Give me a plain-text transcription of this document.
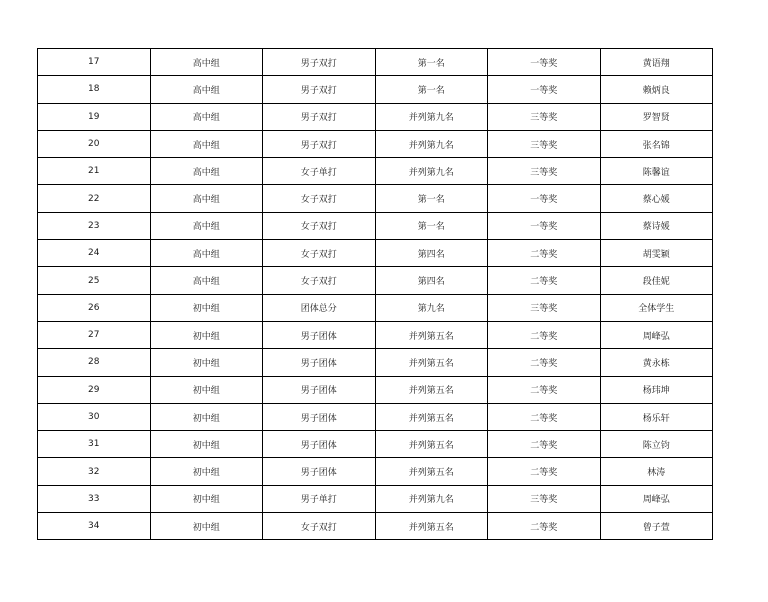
17	高中组	男子双打	第一名	一等奖	黄语翔
18	高中组	男子双打	第一名	一等奖	赖炳良
19	高中组	男子双打	并列第九名	三等奖	罗智贤
20	高中组	男子双打	并列第九名	三等奖	张名锦
21	高中组	女子单打	并列第九名	三等奖	陈馨谊
22	高中组	女子双打	第一名	一等奖	蔡心媛
23	高中组	女子双打	第一名	一等奖	蔡诗媛
24	高中组	女子双打	第四名	二等奖	胡雯颖
25	高中组	女子双打	第四名	二等奖	段佳妮
26	初中组	团体总分	第九名	三等奖	全体学生
27	初中组	男子团体	并列第五名	二等奖	周峰弘
28	初中组	男子团体	并列第五名	二等奖	黄永栋
29	初中组	男子团体	并列第五名	二等奖	杨玮坤
30	初中组	男子团体	并列第五名	二等奖	杨乐轩
31	初中组	男子团体	并列第五名	二等奖	陈立钧
32	初中组	男子团体	并列第五名	二等奖	林涛
33	初中组	男子单打	并列第九名	三等奖	周峰弘
34	初中组	女子双打	并列第五名	二等奖	曾子萱
